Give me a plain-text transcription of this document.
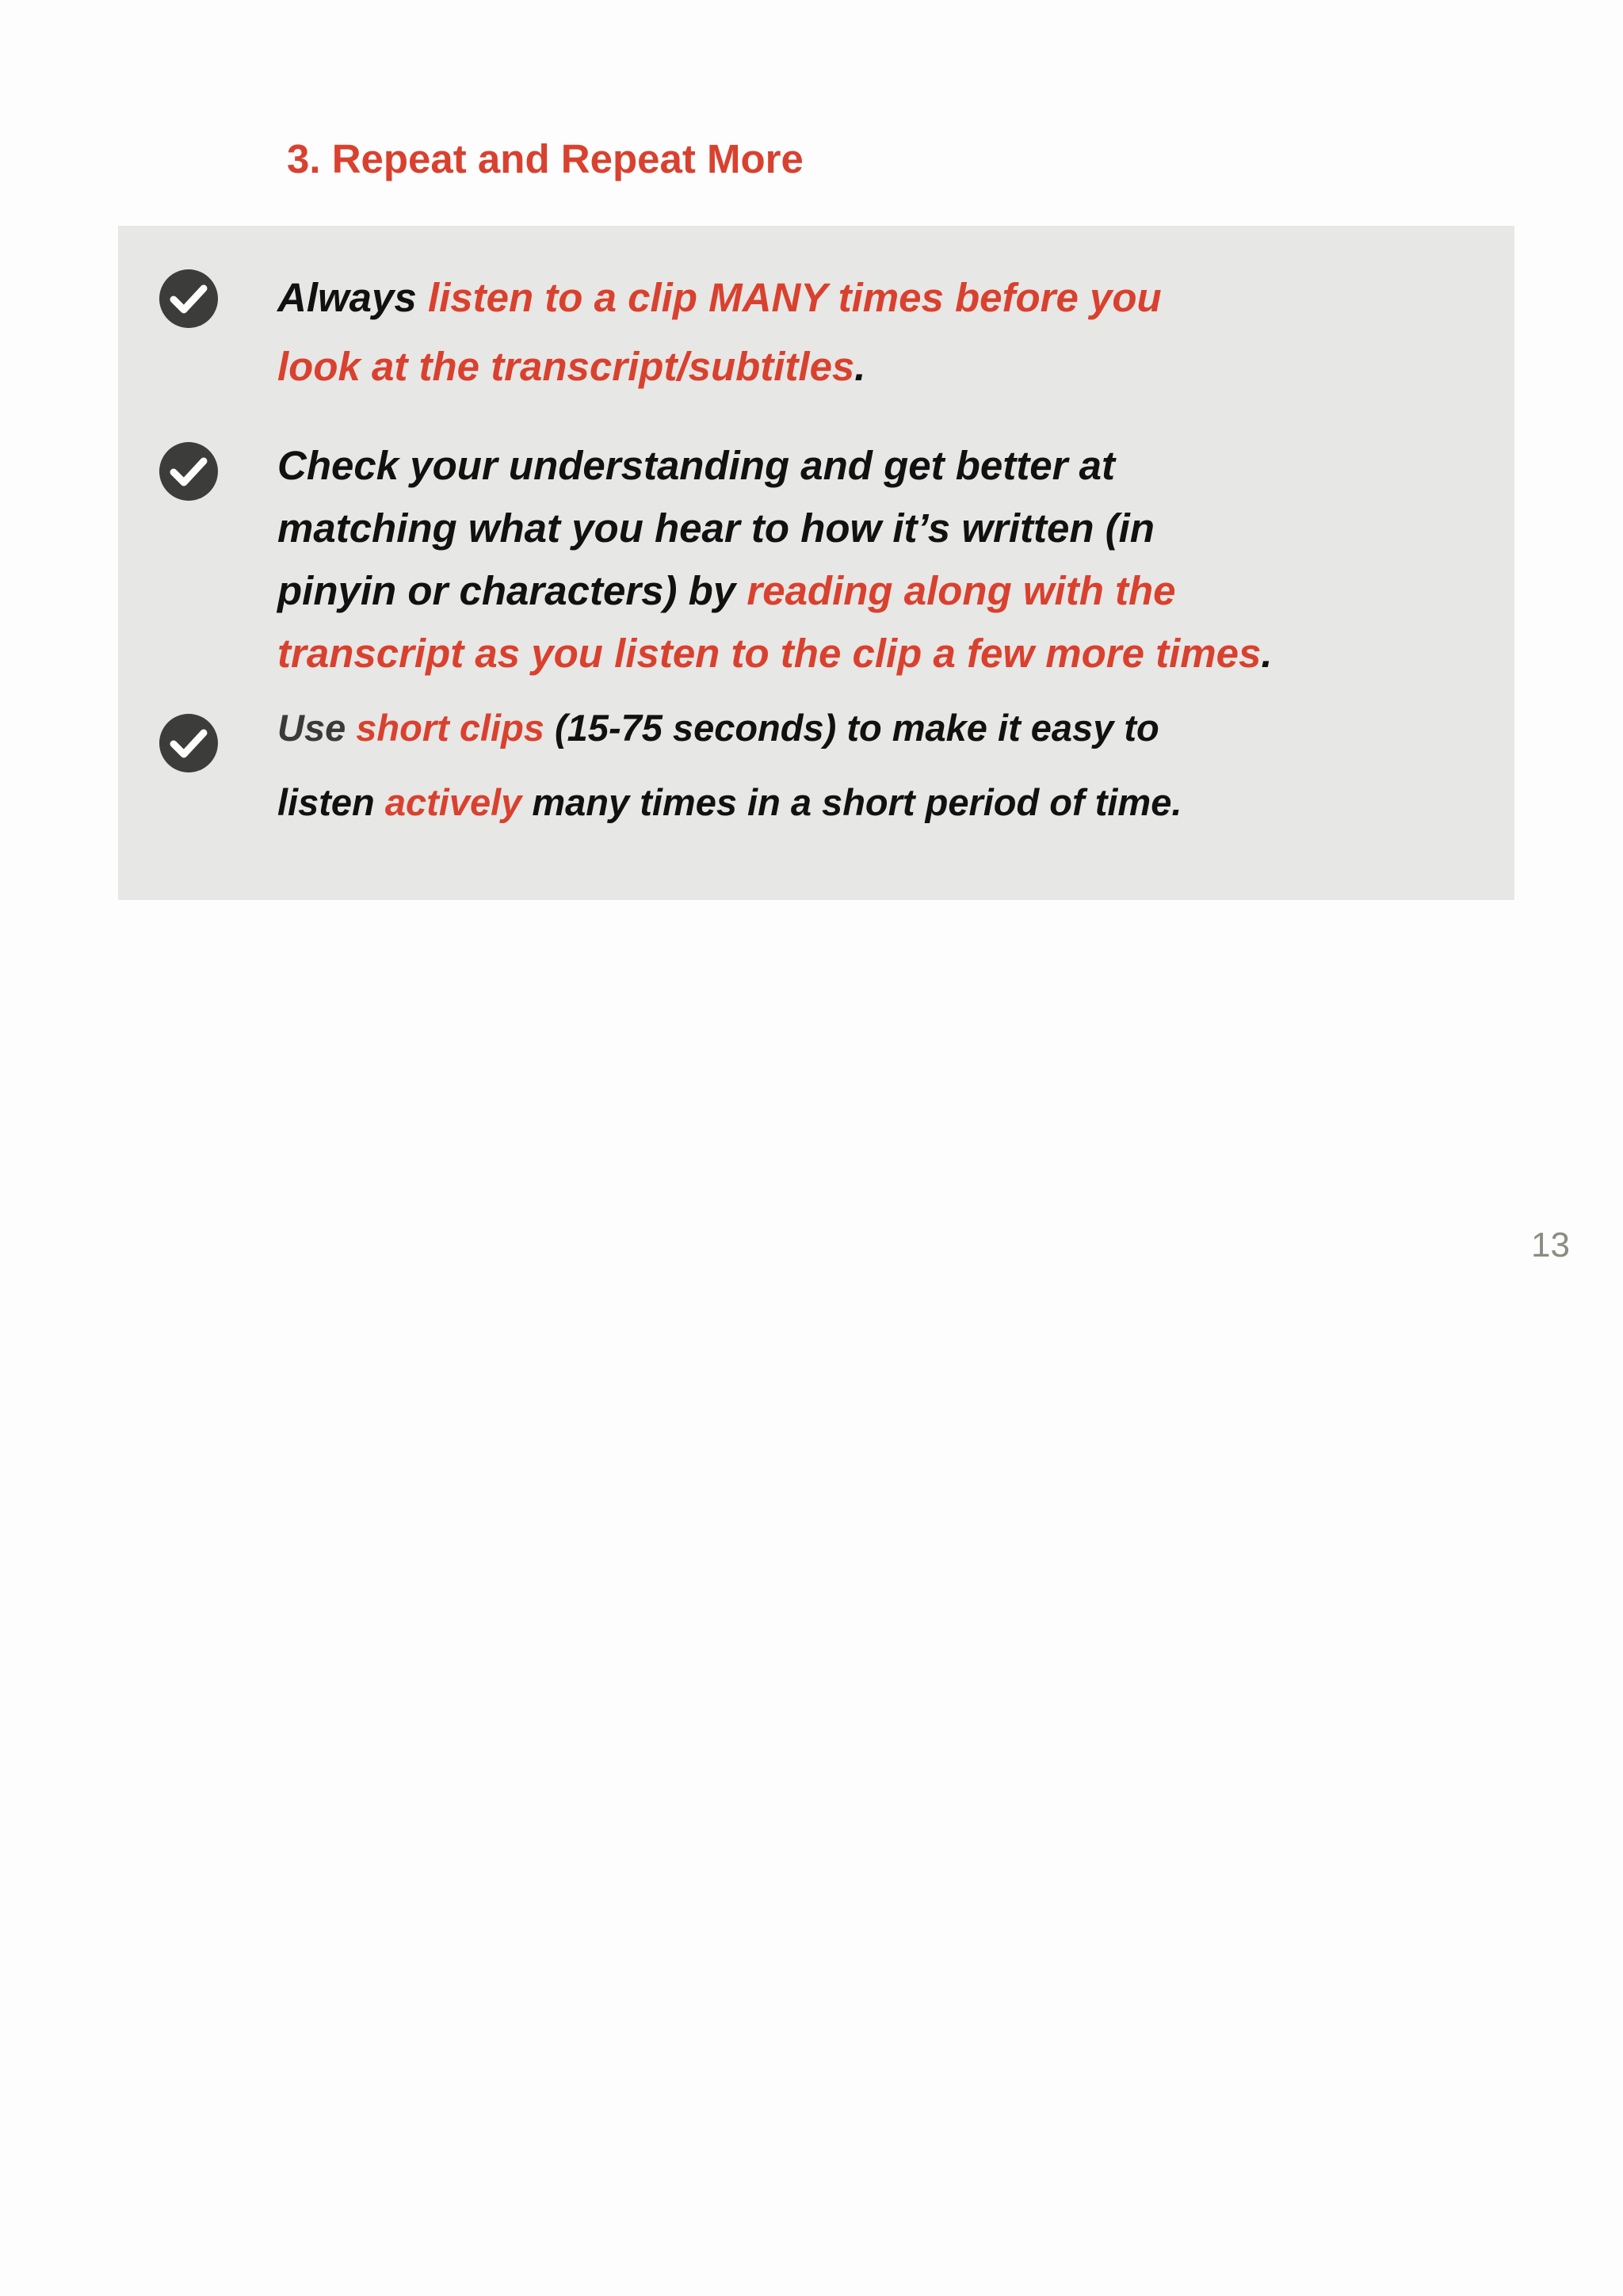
3. Repeat and Repeat More
Always listen to a clip MANY times before you
look at the transcript/subtitles.
Check your understanding and get better at
matching what you hear to how it’s written (in
pinyin or characters) by reading along with the
transcript as you listen to the clip a few more times.
Use short clips (15-75 seconds) to make it easy to
listen actively many times in a short period of time.
13
